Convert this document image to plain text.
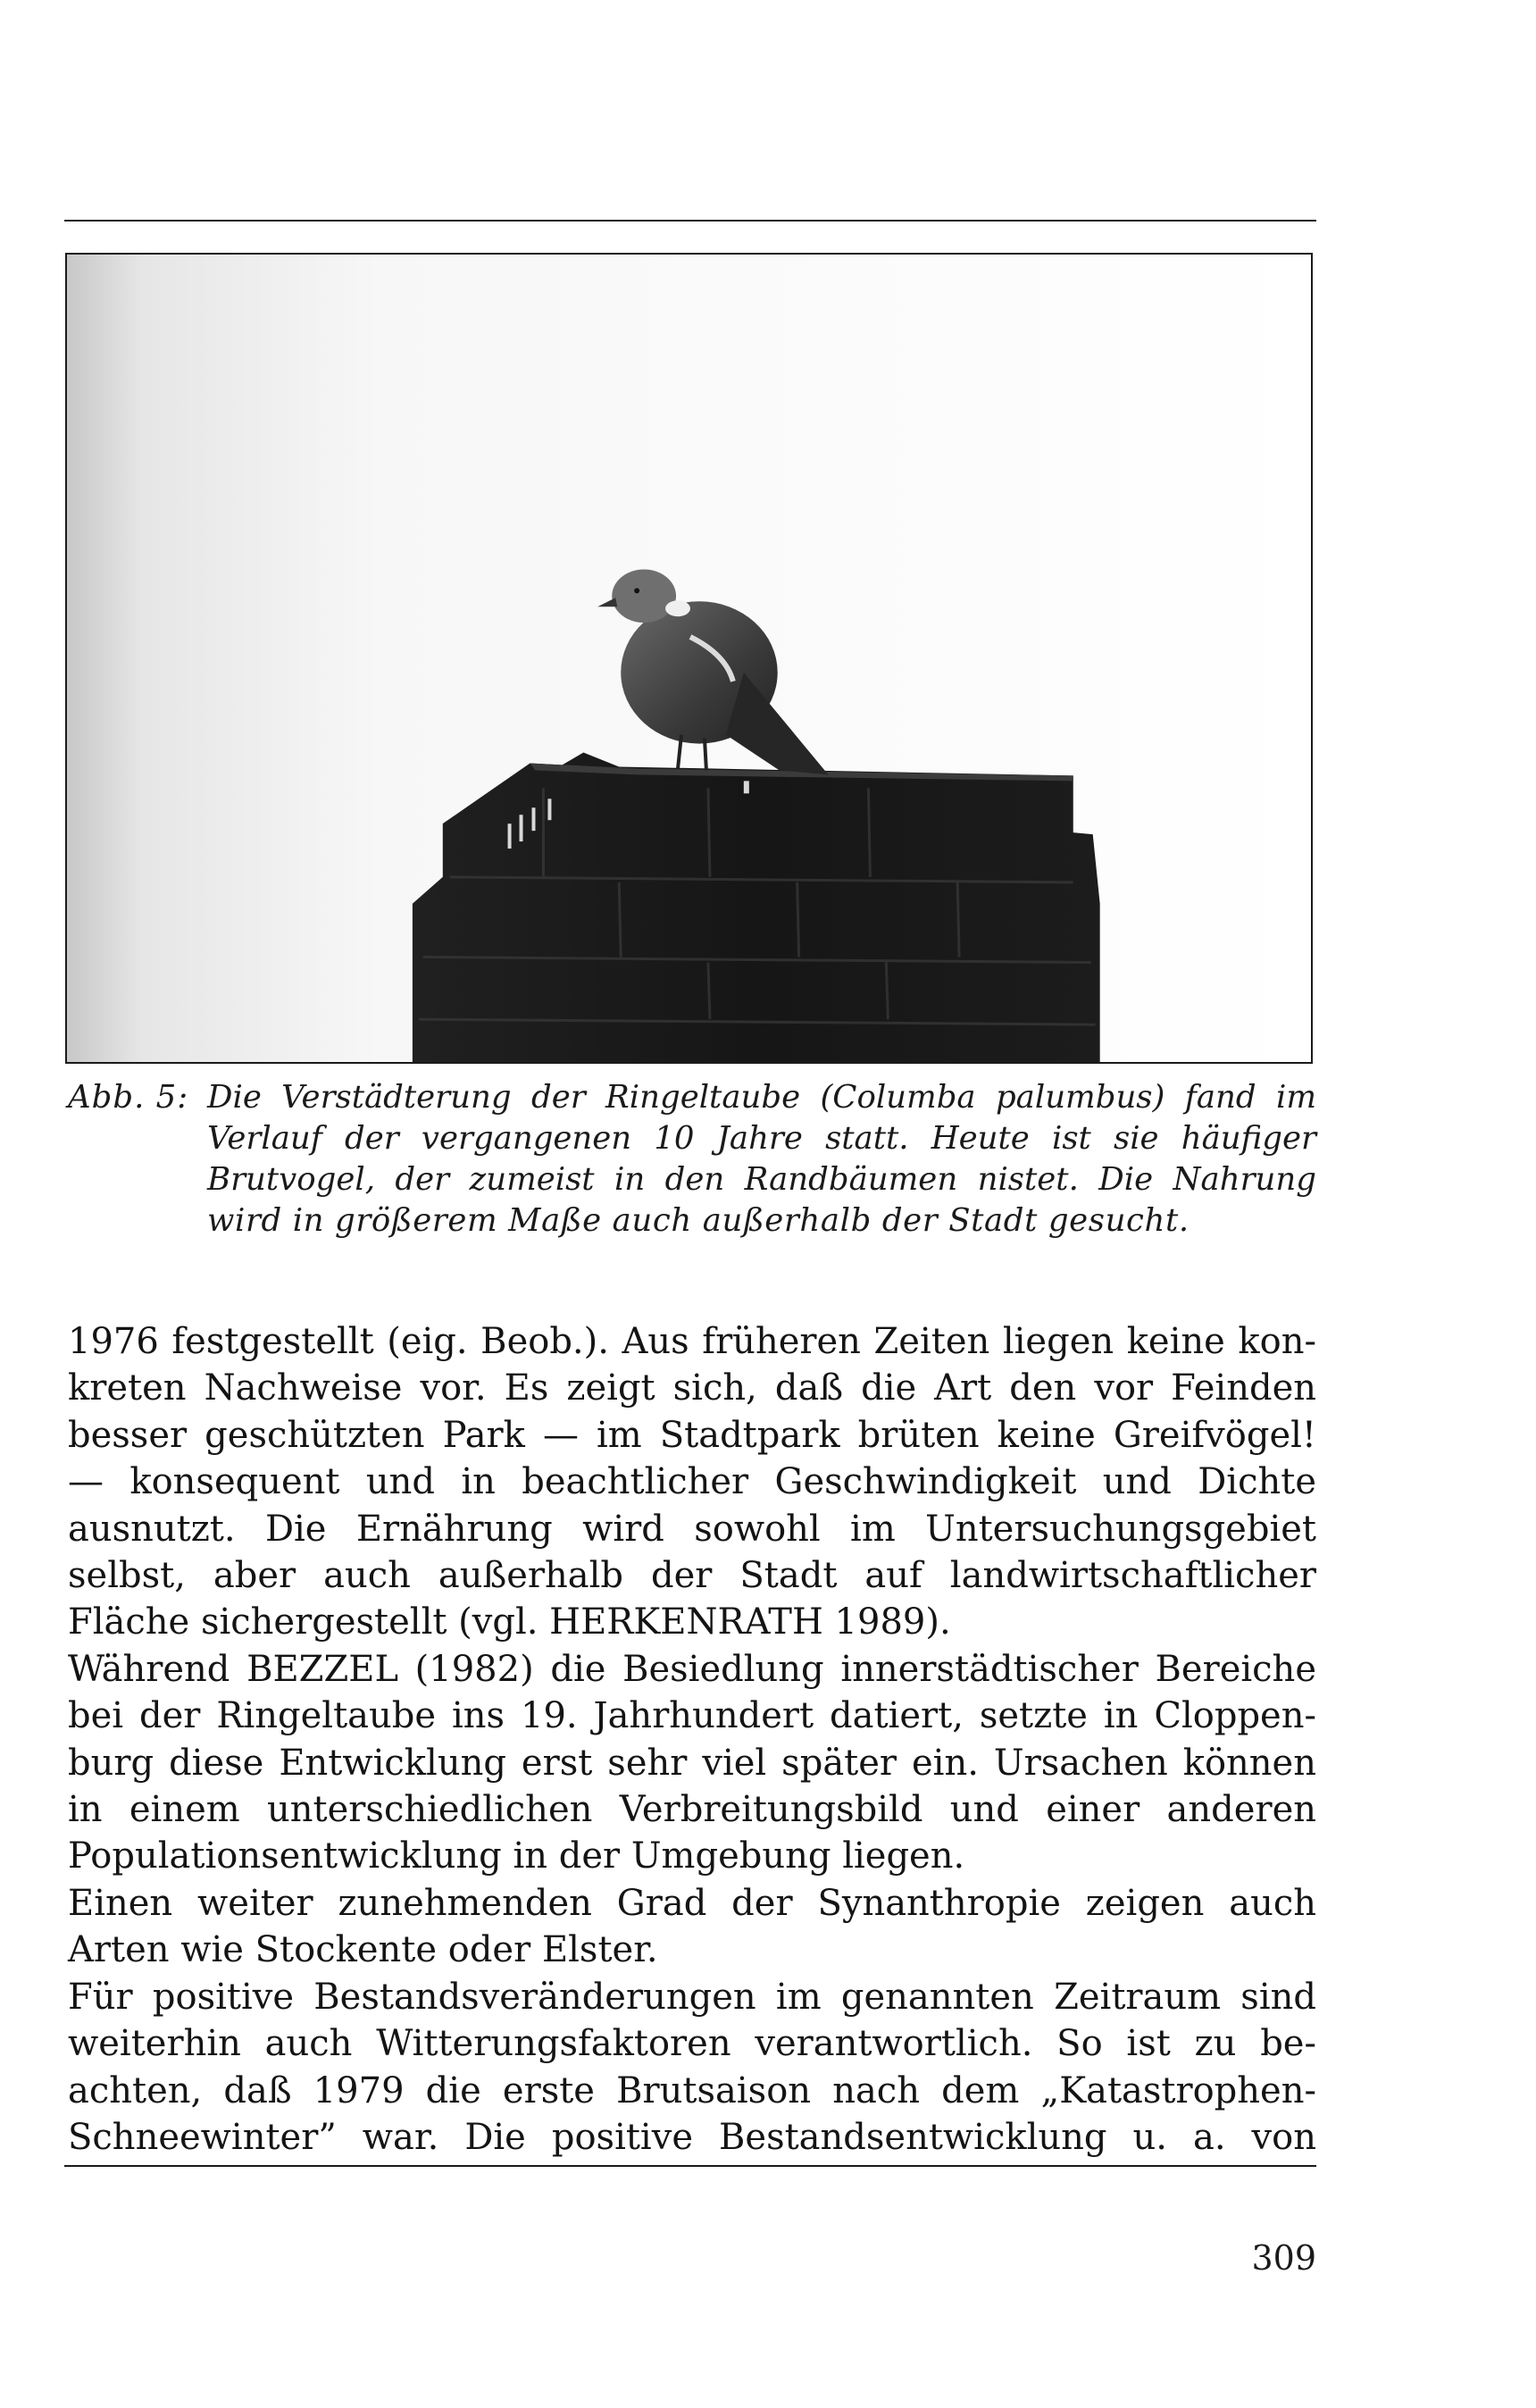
Abb. 5: Die Verstädterung der Ringeltaube (Columba palumbus) fand im
Verlauf der vergangenen 10 Jahre statt. Heute ist sie häufiger
Brutvogel, der zumeist in den Randbäumen nistet. Die Nahrung
wird in größerem Maße auch außerhalb der Stadt gesucht.
1976 festgestellt (eig. Beob.). Aus früheren Zeiten liegen keine kon-
kreten Nachweise vor. Es zeigt sich, daß die Art den vor Feinden
besser geschützten Park — im Stadtpark brüten keine Greifvögel!
— konsequent und in beachtlicher Geschwindigkeit und Dichte
ausnutzt. Die Ernährung wird sowohl im Untersuchungsgebiet
selbst, aber auch außerhalb der Stadt auf landwirtschaftlicher
Fläche sichergestellt (vgl. HERKENRATH 1989).
Während BEZZEL (1982) die Besiedlung innerstädtischer Bereiche
bei der Ringeltaube ins 19. Jahrhundert datiert, setzte in Cloppen-
burg diese Entwicklung erst sehr viel später ein. Ursachen können
in einem unterschiedlichen Verbreitungsbild und einer anderen
Populationsentwicklung in der Umgebung liegen.
Einen weiter zunehmenden Grad der Synanthropie zeigen auch
Arten wie Stockente oder Elster.
Für positive Bestandsveränderungen im genannten Zeitraum sind
weiterhin auch Witterungsfaktoren verantwortlich. So ist zu be-
achten, daß 1979 die erste Brutsaison nach dem „Katastrophen-
Schneewinter” war. Die positive Bestandsentwicklung u. a. von
309
